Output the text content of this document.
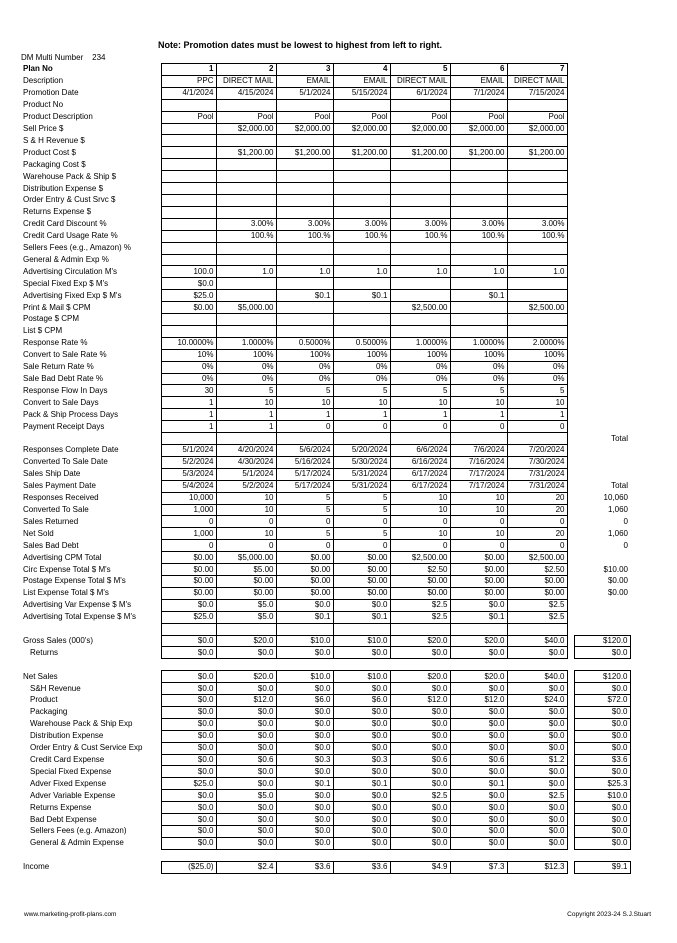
Note: Promotion dates must be lowest to highest from left to right.
DM Multi Number 234
Plan No	1	2	3	4	5	6	7		
Description	PPC	DIRECT MAIL	EMAIL	EMAIL	DIRECT MAIL	EMAIL	DIRECT MAIL		
Promotion Date	4/1/2024	4/15/2024	5/1/2024	5/15/2024	6/1/2024	7/1/2024	7/15/2024		
Product No									
Product Description	Pool	Pool	Pool	Pool	Pool	Pool	Pool		
Sell Price $		$2,000.00	$2,000.00	$2,000.00	$2,000.00	$2,000.00	$2,000.00		
S & H Revenue $									
Product Cost $		$1,200.00	$1,200.00	$1,200.00	$1,200.00	$1,200.00	$1,200.00		
Packaging Cost $									
Warehouse Pack & Ship $									
Distribution Expense $									
Order Entry & Cust Srvc $									
Returns Expense $									
Credit Card Discount %		3.00%	3.00%	3.00%	3.00%	3.00%	3.00%		
Credit Card Usage Rate %		100.%	100.%	100.%	100.%	100.%	100.%		
Sellers Fees (e.g., Amazon) %									
General & Admin Exp %									
Advertising Circulation M's	100.0	1.0	1.0	1.0	1.0	1.0	1.0		
Special Fixed Exp $ M's	$0.0								
Advertising Fixed Exp $ M's	$25.0		$0.1	$0.1		$0.1			
Print & Mail $ CPM	$0.00	$5,000.00			$2,500.00		$2,500.00		
Postage $ CPM									
List $ CPM									
Response Rate %	10.0000%	1.0000%	0.5000%	0.5000%	1.0000%	1.0000%	2.0000%		
Convert to Sale Rate %	10%	100%	100%	100%	100%	100%	100%		
Sale Return Rate %	0%	0%	0%	0%	0%	0%	0%		
Sale Bad Debt Rate %	0%	0%	0%	0%	0%	0%	0%		
Response Flow In Days	30	5	5	5	5	5	5		
Convert to Sale Days	1	10	10	10	10	10	10		
Pack & Ship Process Days	1	1	1	1	1	1	1		
Payment Receipt Days	1	1	0	0	0	0	0		
									Total
Responses Complete Date	5/1/2024	4/20/2024	5/6/2024	5/20/2024	6/6/2024	7/6/2024	7/20/2024		
Converted To Sale Date	5/2/2024	4/30/2024	5/16/2024	5/30/2024	6/16/2024	7/16/2024	7/30/2024		
Sales Ship Date	5/3/2024	5/1/2024	5/17/2024	5/31/2024	6/17/2024	7/17/2024	7/31/2024		
Sales Payment Date	5/4/2024	5/2/2024	5/17/2024	5/31/2024	6/17/2024	7/17/2024	7/31/2024		Total
Responses Received	10,000	10	5	5	10	10	20		10,060
Converted To Sale	1,000	10	5	5	10	10	20		1,060
Sales Returned	0	0	0	0	0	0	0		0
Net Sold	1,000	10	5	5	10	10	20		1,060
Sales Bad Debt	0	0	0	0	0	0	0		0
Advertising CPM Total	$0.00	$5,000.00	$0.00	$0.00	$2,500.00	$0.00	$2,500.00		
Circ Expense Total $ M's	$0.00	$5.00	$0.00	$0.00	$2.50	$0.00	$2.50		$10.00
Postage Expense Total $ M's	$0.00	$0.00	$0.00	$0.00	$0.00	$0.00	$0.00		$0.00
List Expense Total $ M's	$0.00	$0.00	$0.00	$0.00	$0.00	$0.00	$0.00		$0.00
Advertising Var Expense $ M's	$0.0	$5.0	$0.0	$0.0	$2.5	$0.0	$2.5		
Advertising Total Expense $ M's	$25.0	$5.0	$0.1	$0.1	$2.5	$0.1	$2.5		

Gross Sales (000's)	$0.0	$20.0	$10.0	$10.0	$20.0	$20.0	$40.0		$120.0
Returns	$0.0	$0.0	$0.0	$0.0	$0.0	$0.0	$0.0		$0.0

Net Sales	$0.0	$20.0	$10.0	$10.0	$20.0	$20.0	$40.0		$120.0
S&H Revenue	$0.0	$0.0	$0.0	$0.0	$0.0	$0.0	$0.0		$0.0
Product	$0.0	$12.0	$6.0	$6.0	$12.0	$12.0	$24.0		$72.0
Packaging	$0.0	$0.0	$0.0	$0.0	$0.0	$0.0	$0.0		$0.0
Warehouse Pack & Ship Exp	$0.0	$0.0	$0.0	$0.0	$0.0	$0.0	$0.0		$0.0
Distribution Expense	$0.0	$0.0	$0.0	$0.0	$0.0	$0.0	$0.0		$0.0
Order Entry & Cust Service Exp	$0.0	$0.0	$0.0	$0.0	$0.0	$0.0	$0.0		$0.0
Credit Card Expense	$0.0	$0.6	$0.3	$0.3	$0.6	$0.6	$1.2		$3.6
Special Fixed Expense	$0.0	$0.0	$0.0	$0.0	$0.0	$0.0	$0.0		$0.0
Adver Fixed Expense	$25.0	$0.0	$0.1	$0.1	$0.0	$0.1	$0.0		$25.3
Adver Variable Expense	$0.0	$5.0	$0.0	$0.0	$2.5	$0.0	$2.5		$10.0
Returns Expense	$0.0	$0.0	$0.0	$0.0	$0.0	$0.0	$0.0		$0.0
Bad Debt Expense	$0.0	$0.0	$0.0	$0.0	$0.0	$0.0	$0.0		$0.0
Sellers Fees (e.g. Amazon)	$0.0	$0.0	$0.0	$0.0	$0.0	$0.0	$0.0		$0.0
General & Admin Expense	$0.0	$0.0	$0.0	$0.0	$0.0	$0.0	$0.0		$0.0

Income	($25.0)	$2.4	$3.6	$3.6	$4.9	$7.3	$12.3		$9.1
www.marketing-profit-plans.com	Copyright 2023-24 S.J.Stuart
